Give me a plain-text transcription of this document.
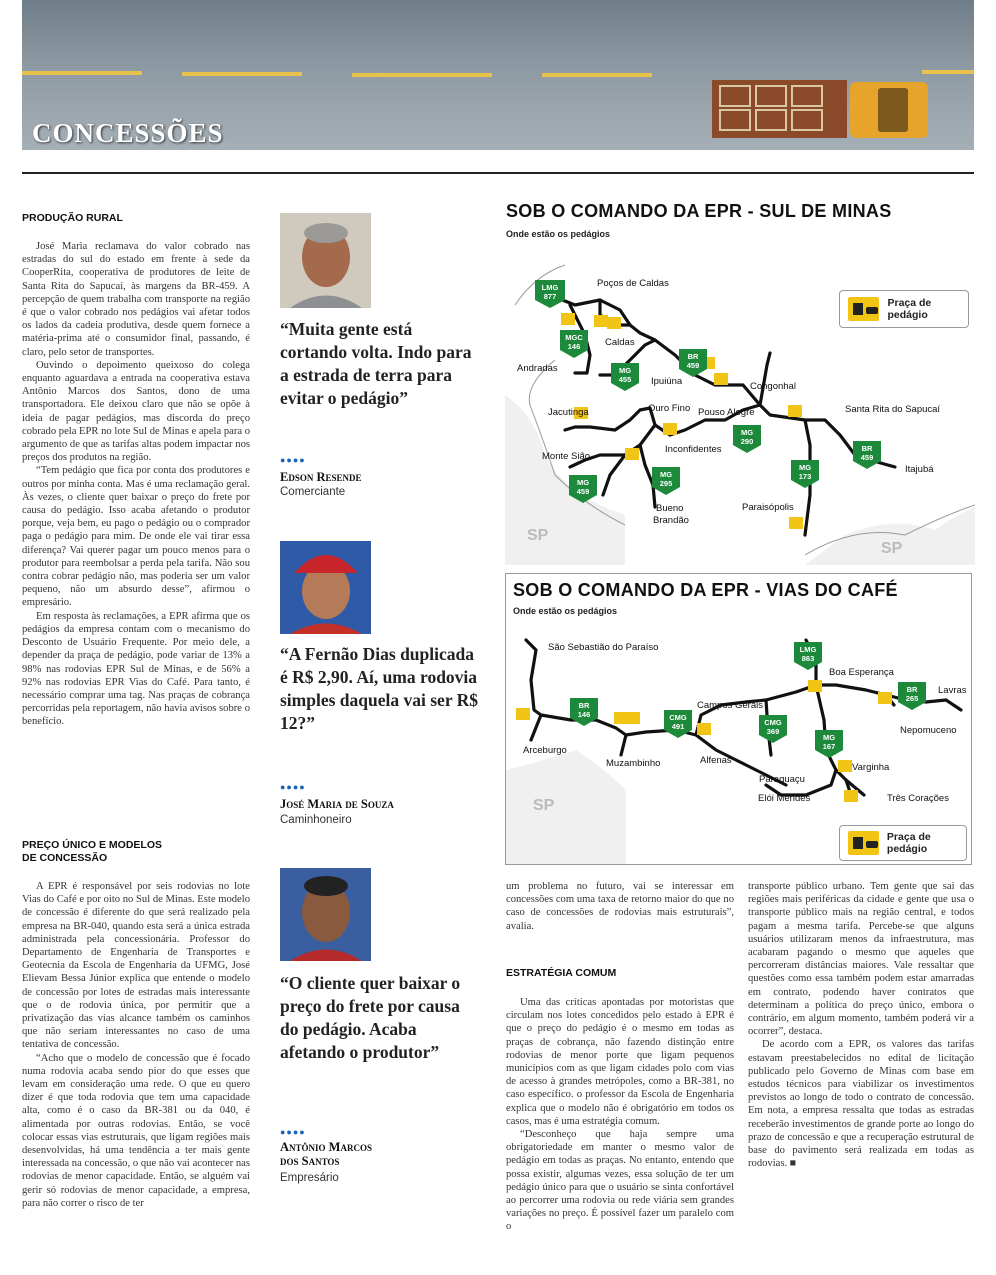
CONCESSÕES
PRODUÇÃO RURAL

José Maria reclamava do valor cobrado nas estradas do sul do estado em frente à sede da CooperRita, cooperativa de produtores de leite de Santa Rita do Sapucaí, às margens da BR-459. A percepção de quem trabalha com transporte na região é que o valor cobrado nos pedágios vai afetar todos os lados da cadeia produtiva, desde quem fornece a matéria-prima até o consumidor final, passando, é claro, pelo setor de transportes.

Ouvindo o depoimento queixoso do colega enquanto aguardava a entrada na cooperativa estava Antônio Marcos dos Santos, dono de uma transportadora. Ele deixou claro que não se opõe à ideia de pagar pedágios, mas discorda do preço cobrado pela EPR no lote Sul de Minas e apela para o argumento de que as tarifas altas podem impactar nos preços dos produtos na região.

“Tem pedágio que fica por conta dos produtores e outros por minha conta. Mas é uma reclamação geral. Às vezes, o cliente quer baixar o preço do frete por causa do pedágio. Isso acaba afetando o produtor porque, veja bem, eu pago o pedágio ou o comprador paga o pedágio para mim. De onde ele vai tirar essa diferença? Vai querer pagar um pouco menos para o produtor para reembolsar a perda pela tarifa. Não sou contra cobrar pedágio não, mas poderia ser um valor pequeno, não um absurdo desse”, afirmou o empresário.

Em resposta às reclamações, a EPR afirma que os pedágios da empresa contam com o mecanismo do Desconto de Usuário Frequente. Por meio dele, a depender da praça de pedágio, pode variar de 13% a 98% nas rodovias EPR Sul de Minas, e de 56% a 92% nas rodovias EPR Vias do Café. Para tanto, é necessário comprar uma tag. Nas praças de cobrança percorridas pela reportagem, não havia avisos sobre o benefício.

PREÇO ÚNICO E MODELOS
DE CONCESSÃO

A EPR é responsável por seis rodovias no lote Vias do Café e por oito no Sul de Minas. Este modelo de concessão é diferente do que será realizado pela empresa na BR-040, quando esta será a única estrada administrada pela concessionária. Professor do Departamento de Engenharia de Transportes e Geotecnia da Escola de Engenharia da UFMG, José Elievam Bessa Júnior explica que entende o modelo de concessão por lotes de estradas mais interessante que o de rodovia única, por permitir que a privatização das vias alcance também os caminhos que não seriam interessantes no caso de uma tentativa de concessão.

“Acho que o modelo de concessão que é focado numa rodovia acaba sendo pior do que esses que levam em consideração uma rede. O que eu quero dizer é que toda rodovia que tem uma capacidade alta, como é o caso da BR-381 ou da 040, é alimentada por outras rodovias. Então, se você colocar essas vias estruturais, que ligam regiões mais desenvolvidas, há uma tendência a ter mais gente interessada na concessão, o que não vai acontecer nas rodovias de menor capacidade. Então, se alguém vai gerir só rodovias de menor capacidade, a empresa, para não correr o risco de ter

“Muita gente está cortando volta. Indo para a estrada de terra para evitar o pedágio”
●●●●
Edson Resende
Comerciante
“A Fernão Dias duplicada é R$ 2,90. Aí, uma rodovia simples daquela vai ser R$ 12?”
●●●●
José Maria de Souza
Caminhoneiro
“O cliente quer baixar o preço do frete por causa do pedágio. Acaba afetando o produtor”
●●●●
Antônio Marcos
dos Santos
Empresário
SOB O COMANDO DA EPR - SUL DE MINAS
Onde estão os pedágios
Poços de Caldas
Caldas
Andradas
Ipuiúna	Congonhal
Jacutinga	Ouro Fino Pouso Alegre	Santa Rita do Sapucaí
Inconfidentes
Monte Sião
Bueno
Brandão
Paraisópolis
Itajubá
SP
SP
LMG
877
MGC
146
MG
455
BR
459
MG
290
MG
295
MG
459
MG
173
BR
459
Praça de pedágio
SOB O COMANDO DA EPR - VIAS DO CAFÉ
Onde estão os pedágios
São Sebastião do Paraíso
Boa Esperança
Lavras
Campos Gerais
Nepomuceno
Arceburgo
Muzambinho	Alfenas
Varginha
Paraguaçu
Elói Mendes	Três Corações
SP
LMG
863
BR
265
BR
146	CMG
491	CMG
369
MG
167
Praça de pedágio

um problema no futuro, vai se interessar em concessões com uma taxa de retorno maior do que no caso de concessões de rodovias mais estruturais”, avalia.

ESTRATÉGIA COMUM

Uma das críticas apontadas por motoristas que circulam nos lotes concedidos pelo estado à EPR é que o preço do pedágio é o mesmo em todas as praças de cobrança, não fazendo distinção entre rodovias de menor porte que ligam pequenos municípios com as que ligam cidades polo com vias de acesso à grandes metrópoles, como a BR-381, no caso específico. o professor da Escola de Engenharia explica que o modelo não é obrigatório em todos os casos, mas é uma estratégia comum.

“Desconheço que haja sempre uma obrigatoriedade em manter o mesmo valor de pedágio em todas as praças. No entanto, entendo que possa existir, algumas vezes, essa solução de ter um pedágio único para que o usuário se sinta confortável ao percorrer uma rodovia ou rede viária sem grandes variações no preço. É possível fazer um paralelo com o

transporte público urbano. Tem gente que sai das regiões mais periféricas da cidade e gente que usa o transporte público mais na região central, e todos pagam a mesma tarifa. Percebe-se que alguns usuários utilizaram menos da infraestrutura, mas acabaram pagando o mesmo que aqueles que percorreram distâncias maiores. Vale ressaltar que questões como essa também podem estar amarradas em contrato, podendo haver contratos que determinam a política do preço único, embora o contrário, em algum momento, também poderá vir a ocorrer”, destaca.

De acordo com a EPR, os valores das tarifas estavam preestabelecidos no edital de licitação publicado pelo Governo de Minas com base em estudos técnicos para viabilizar os investimentos previstos ao longo de todo o contrato de concessão. Em nota, a empresa ressalta que todas as estradas receberão investimentos de grande porte ao longo do prazo de concessão e que a recuperação estrutural de base do pavimento será realizada em todas as rodovias. ■
